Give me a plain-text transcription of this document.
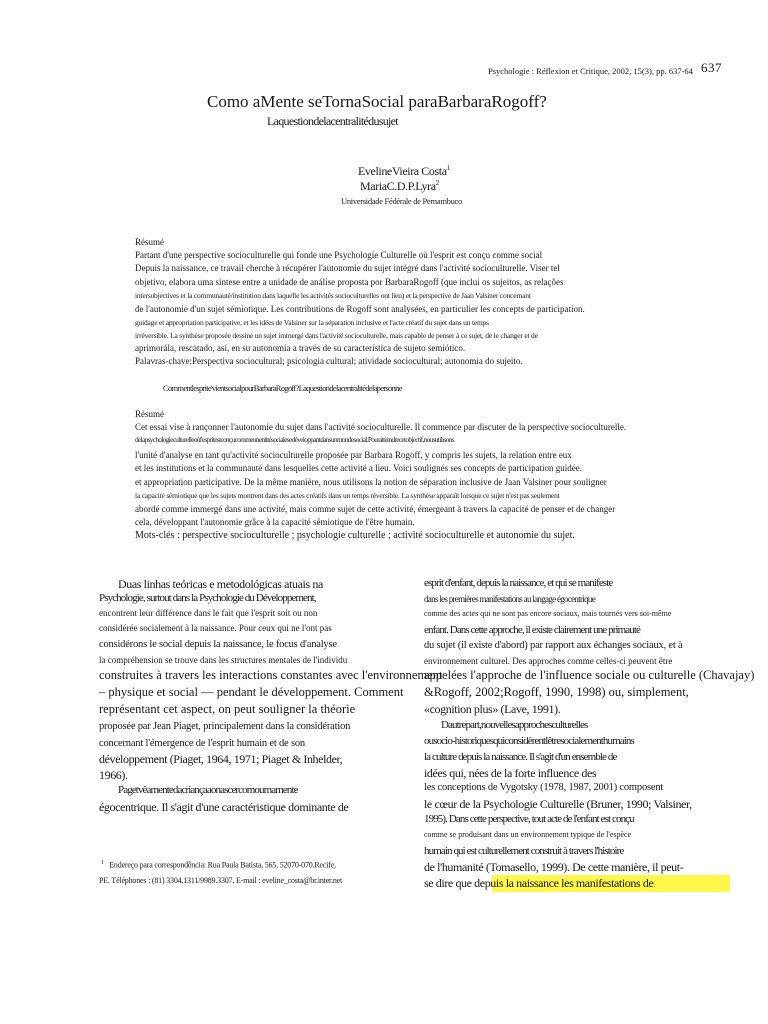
Psychologie : Réflexion et Critique, 2002, 15(3), pp. 637-64 637
Como aMente seTornaSocial paraBarbaraRogoff?
Laquestiondelacentralitédusujet
EvelineVieira Costa$^1$
MariaC.D.P.Lyra$^2$
Universidade Fédérale de Pernambuco
Résumé
Partant d'une perspective socioculturelle qui fonde une Psychologie Culturelle où l'esprit est conçu comme social
Depuis la naissance, ce travail cherche à récupérer l'autonomie du sujet intégré dans l'activité socioculturelle. Viser tel
objetivo, elabora uma síntese entre a unidade de análise proposta por BarbaraRogoff (que inclui os sujeitos, as relações
intersubjectives et la communauté/institution dans laquelle les activités socioculturelles ont lieu) et la perspective de Jaan Valsiner concernant
de l'autonomie d'un sujet sémiotique. Les contributions de Rogoff sont analysées, en particulier les concepts de participation.
guidage et appropriation participative, et les idées de Valsiner sur la séparation inclusive et l'acte créatif du sujet dans un temps
irréversible. La synthèse proposée dessine un sujet immergé dans l'activité socioculturelle, mais capable de penser à ce sujet, de le changer et de
aprimorála, rescatado, así, en su autonomía a través de su característica de sujeto semiótico.
Palavras-chave:Perspectiva sociocultural; psicologia cultural; atividade sociocultural; autonomia do sujeito.
Commentlesprite'vientsocialpourBarbaraRogoff?Laquestiondelacentralitédelapersonne
Résumé
Cet essai vise à rançonner l'autonomie du sujet dans l'activité socioculturelle. Il commence par discuter de la perspective socioculturelle.
delapsychologieculturelleoùl'espritestconçucommeunentitésocialesedéveloppantdansunmondesocial.Pouratteindrecetobjectif,nousutilisons
l'unité d'analyse en tant qu'activité socioculturelle proposée par Barbara Rogoff, y compris les sujets, la relation entre eux
et les institutions et la communauté dans lesquelles cette activité a lieu. Voici soulignés ses concepts de participation guidée.
et appropriation participative. De la même manière, nous utilisons la notion de séparation inclusive de Jaan Valsiner pour souligner
la capacité sémiotique que les sujets montrent dans des actes créatifs dans un temps réversible. La synthèse apparaît lorsque ce sujet n'est pas seulement
abordé comme immergé dans une activité, mais comme sujet de cette activité, émergeant à travers la capacité de penser et de changer
cela, développant l'autonomie grâce à la capacité sémiotique de l'être humain.
Mots-clés : perspective socioculturelle ; psychologie culturelle ; activité socioculturelle et autonomie du sujet.
Duas linhas teóricas e metodológicas atuais na
Psychologie, surtout dans la Psychologie du Développement,
encontrent leur différence dans le fait que l'esprit soit ou non
considérée socialement à la naissance. Pour ceux qui ne l'ont pas
considérons le social depuis la naissance, le focus d'analyse
la compréhension se trouve dans les structures mentales de l'individu
construites à travers les interactions constantes avec l'environnement
– physique et social — pendant le développement. Comment
représentant cet aspect, on peut souligner la théorie
proposée par Jean Piaget, principalement dans la considération
concernant l'émergence de l'esprit humain et de son
développement (Piaget, 1964, 1971; Piaget & Inhelder,
1966).
Pagetvêamentedacriançaaonascercomoumamente
égocentrique. Il s'agit d'une caractéristique dominante de
$^1$ Endereço para correspondência: Rua Paula Batista, 565, 52070-070.Recife,
PE. Téléphones : (81) 3304.1311/9989.3307. E-mail : eveline_costa@br.inter.net
esprit d'enfant, depuis la naissance, et qui se manifeste
dans les premières manifestations au langage égocentrique
comme des actes qui ne sont pas encore sociaux, mais tournés vers soi-même
enfant. Dans cette approche, il existe clairement une primauté
du sujet (il existe d'abord) par rapport aux échanges sociaux, et à
environnement culturel. Des approches comme celles-ci peuvent être
appelées l'approche de l'influence sociale ou culturelle (Chavajay)
&Rogoff, 2002;Rogoff, 1990, 1998) ou, simplement,
«cognition plus» (Lave, 1991).
Dautrepart,nouvellesapprochesculturelles
ousocio-historiquesquiconsidèrentlêtresocialementhumains
la culture depuis la naissance. Il s'agit d'un ensemble de
idées qui, nées de la forte influence des
les conceptions de Vygotsky (1978, 1987, 2001) composent
le cœur de la Psychologie Culturelle (Bruner, 1990; Valsiner,
1995). Dans cette perspective, tout acte de l'enfant est conçu
comme se produisant dans un environnement typique de l'espèce
humain qui est culturellement construit à travers l'histoire
de l'humanité (Tomasello, 1999). De cette manière, il peut-
se dire que depuis la naissance les manifestations de
